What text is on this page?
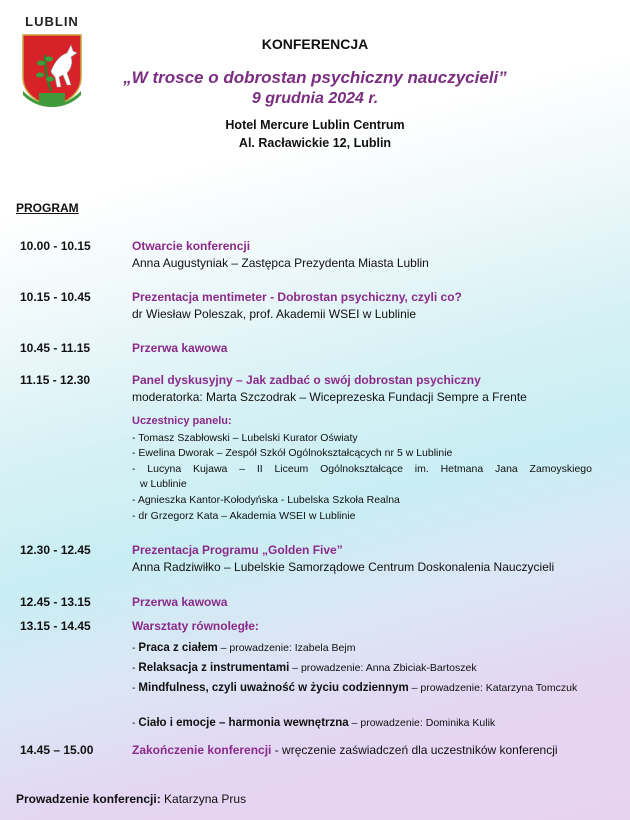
LUBLIN
KONFERENCJA
„W trosce o dobrostan psychiczny nauczycieli”
9 grudnia 2024 r.
Hotel Mercure Lublin Centrum
Al. Racławickie 12, Lublin
PROGRAM
10.00 - 10.15	Otwarcie konferencji
Anna Augustyniak – Zastępca Prezydenta Miasta Lublin
10.15 - 10.45	Prezentacja mentimeter - Dobrostan psychiczny, czyli co?
dr Wiesław Poleszak, prof. Akademii WSEI w Lublinie
10.45 - 11.15	Przerwa kawowa
11.15 - 12.30	Panel dyskusyjny – Jak zadbać o swój dobrostan psychiczny
moderatorka: Marta Szczodrak – Wiceprezeska Fundacji Sempre a Frente
Uczestnicy panelu:
- Tomasz Szabłowski – Lubelski Kurator Oświaty
- Ewelina Dworak – Zespół Szkół Ogólnokształcących nr 5 w Lublinie
- Lucyna Kujawa – II Liceum Ogólnokształcące im. Hetmana Jana Zamoyskiego
w Lublinie
- Agnieszka Kantor-Kołodyńska - Lubelska Szkoła Realna
- dr Grzegorz Kata – Akademia WSEI w Lublinie
12.30 - 12.45	Prezentacja Programu „Golden Five”
Anna Radziwiłko – Lubelskie Samorządowe Centrum Doskonalenia Nauczycieli
12.45 - 13.15	Przerwa kawowa
13.15 - 14.45	Warsztaty równoległe:
- Praca z ciałem – prowadzenie: Izabela Bejm
- Relaksacja z instrumentami – prowadzenie: Anna Zbiciak-Bartoszek
- Mindfulness, czyli uważność w życiu codziennym – prowadzenie: Katarzyna Tomczuk
- Ciało i emocje – harmonia wewnętrzna – prowadzenie: Dominika Kulik
14.45 – 15.00	Zakończenie konferencji - wręczenie zaświadczeń dla uczestników konferencji
Prowadzenie konferencji: Katarzyna Prus
